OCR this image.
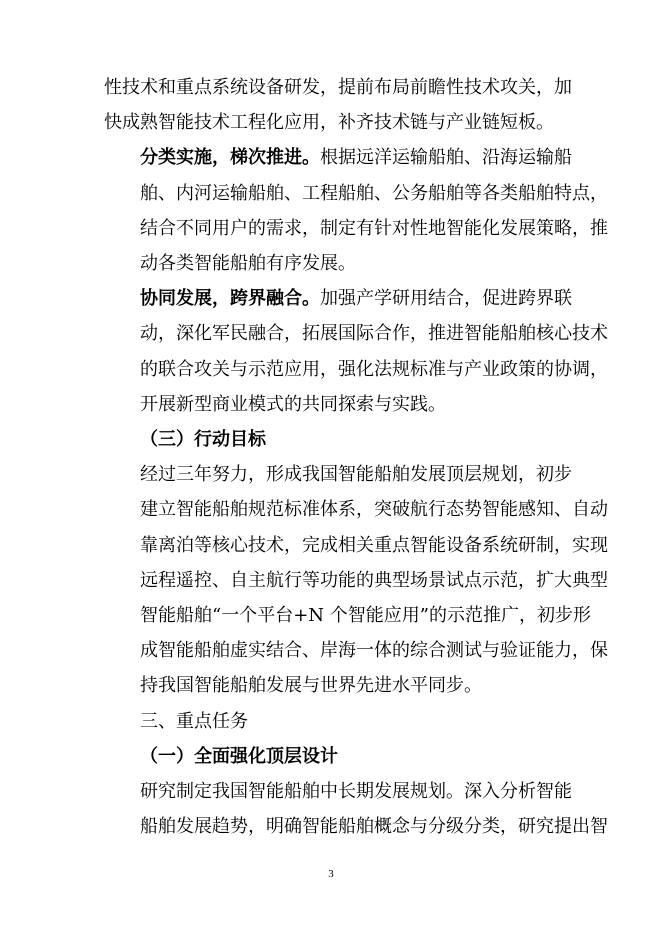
性技术和重点系统设备研发，提前布局前瞻性技术攻关，加
快成熟智能技术工程化应用，补齐技术链与产业链短板。

分类实施，梯次推进。根据远洋运输船舶、沿海运输船
舶、内河运输船舶、工程船舶、公务船舶等各类船舶特点，
结合不同用户的需求，制定有针对性地智能化发展策略，推
动各类智能船舶有序发展。

协同发展，跨界融合。加强产学研用结合，促进跨界联
动，深化军民融合，拓展国际合作，推进智能船舶核心技术
的联合攻关与示范应用，强化法规标准与产业政策的协调，
开展新型商业模式的共同探索与实践。

（三）行动目标

经过三年努力，形成我国智能船舶发展顶层规划，初步
建立智能船舶规范标准体系，突破航行态势智能感知、自动
靠离泊等核心技术，完成相关重点智能设备系统研制，实现
远程遥控、自主航行等功能的典型场景试点示范，扩大典型
智能船舶“一个平台+N 个智能应用”的示范推广，初步形
成智能船舶虚实结合、岸海一体的综合测试与验证能力，保
持我国智能船舶发展与世界先进水平同步。

三、重点任务

（一）全面强化顶层设计

研究制定我国智能船舶中长期发展规划。深入分析智能
船舶发展趋势，明确智能船舶概念与分级分类，研究提出智

3
